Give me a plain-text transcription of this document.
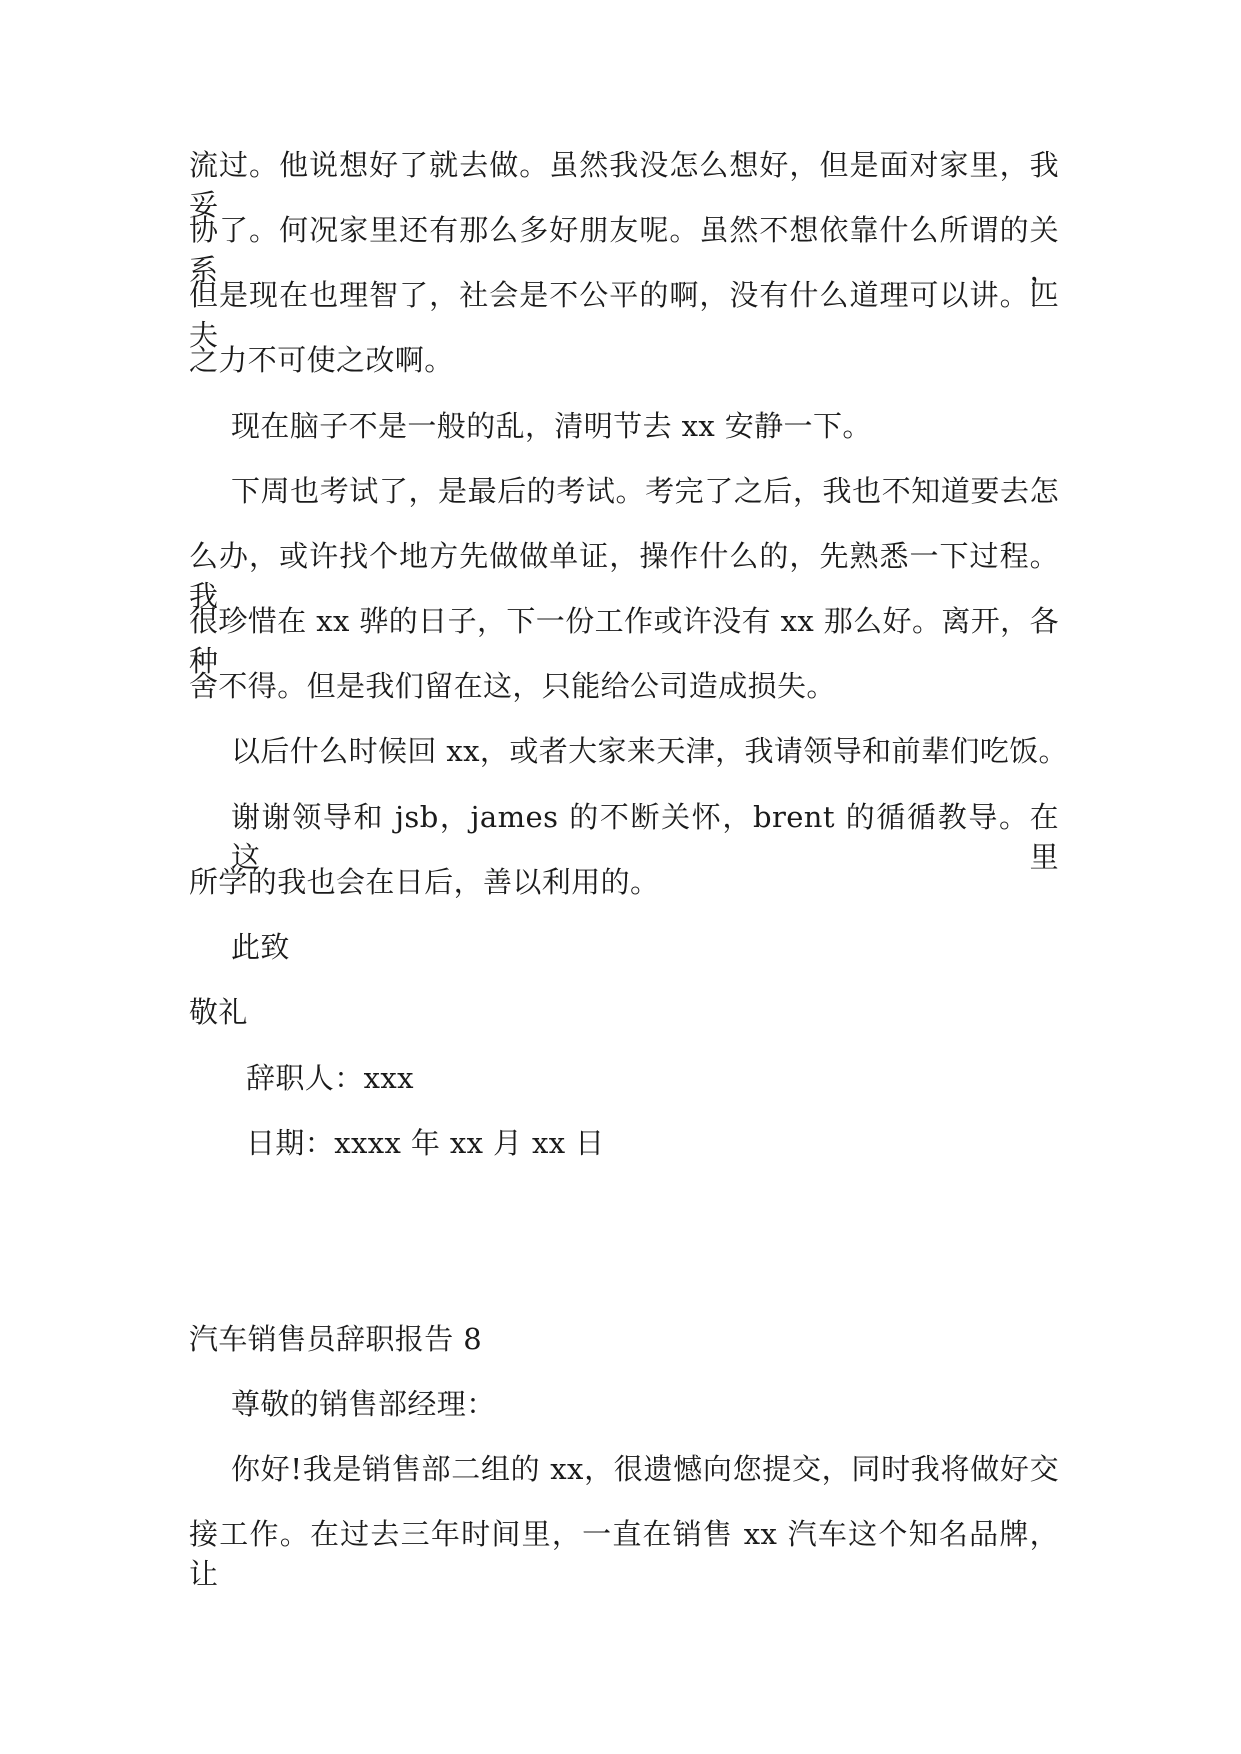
流过。他说想好了就去做。虽然我没怎么想好，但是面对家里，我妥
协了。何况家里还有那么多好朋友呢。虽然不想依靠什么所谓的关系，
但是现在也理智了，社会是不公平的啊，没有什么道理可以讲。匹夫
之力不可使之改啊。
现在脑子不是一般的乱，清明节去 xx 安静一下。
下周也考试了，是最后的考试。考完了之后，我也不知道要去怎
么办，或许找个地方先做做单证，操作什么的，先熟悉一下过程。我
很珍惜在 xx 骅的日子，下一份工作或许没有 xx 那么好。离开，各种
舍不得。但是我们留在这，只能给公司造成损失。
以后什么时候回 xx，或者大家来天津，我请领导和前辈们吃饭。
谢谢领导和 jsb，james 的不断关怀，brent 的循循教导。在这里
所学的我也会在日后，善以利用的。
此致
敬礼
辞职人：xxx
日期：xxxx 年 xx 月 xx 日
汽车销售员辞职报告 8
尊敬的销售部经理：
你好!我是销售部二组的 xx，很遗憾向您提交，同时我将做好交
接工作。在过去三年时间里，一直在销售 xx 汽车这个知名品牌，让
